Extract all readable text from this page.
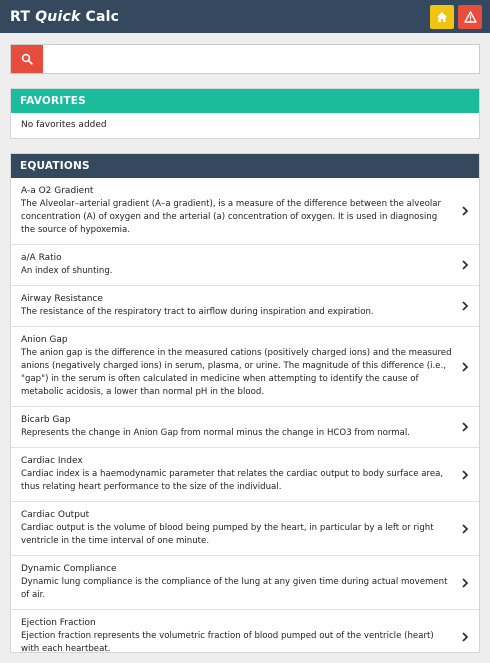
RT Quick Calc
FAVORITES
No favorites added
EQUATIONS
A-a O2 Gradient
The Alveolar–arterial gradient (A–a gradient), is a measure of the difference between the alveolar concentration (A) of oxygen and the arterial (a) concentration of oxygen. It is used in diagnosing the source of hypoxemia.
a/A Ratio
An index of shunting.
Airway Resistance
The resistance of the respiratory tract to airflow during inspiration and expiration.
Anion Gap
The anion gap is the difference in the measured cations (positively charged ions) and the measured anions (negatively charged ions) in serum, plasma, or urine. The magnitude of this difference (i.e., "gap") in the serum is often calculated in medicine when attempting to identify the cause of metabolic acidosis, a lower than normal pH in the blood.
Bicarb Gap
Represents the change in Anion Gap from normal minus the change in HCO3 from normal.
Cardiac Index
Cardiac index is a haemodynamic parameter that relates the cardiac output to body surface area, thus relating heart performance to the size of the individual.
Cardiac Output
Cardiac output is the volume of blood being pumped by the heart, in particular by a left or right ventricle in the time interval of one minute.
Dynamic Compliance
Dynamic lung compliance is the compliance of the lung at any given time during actual movement of air.
Ejection Fraction
Ejection fraction represents the volumetric fraction of blood pumped out of the ventricle (heart) with each heartbeat.
